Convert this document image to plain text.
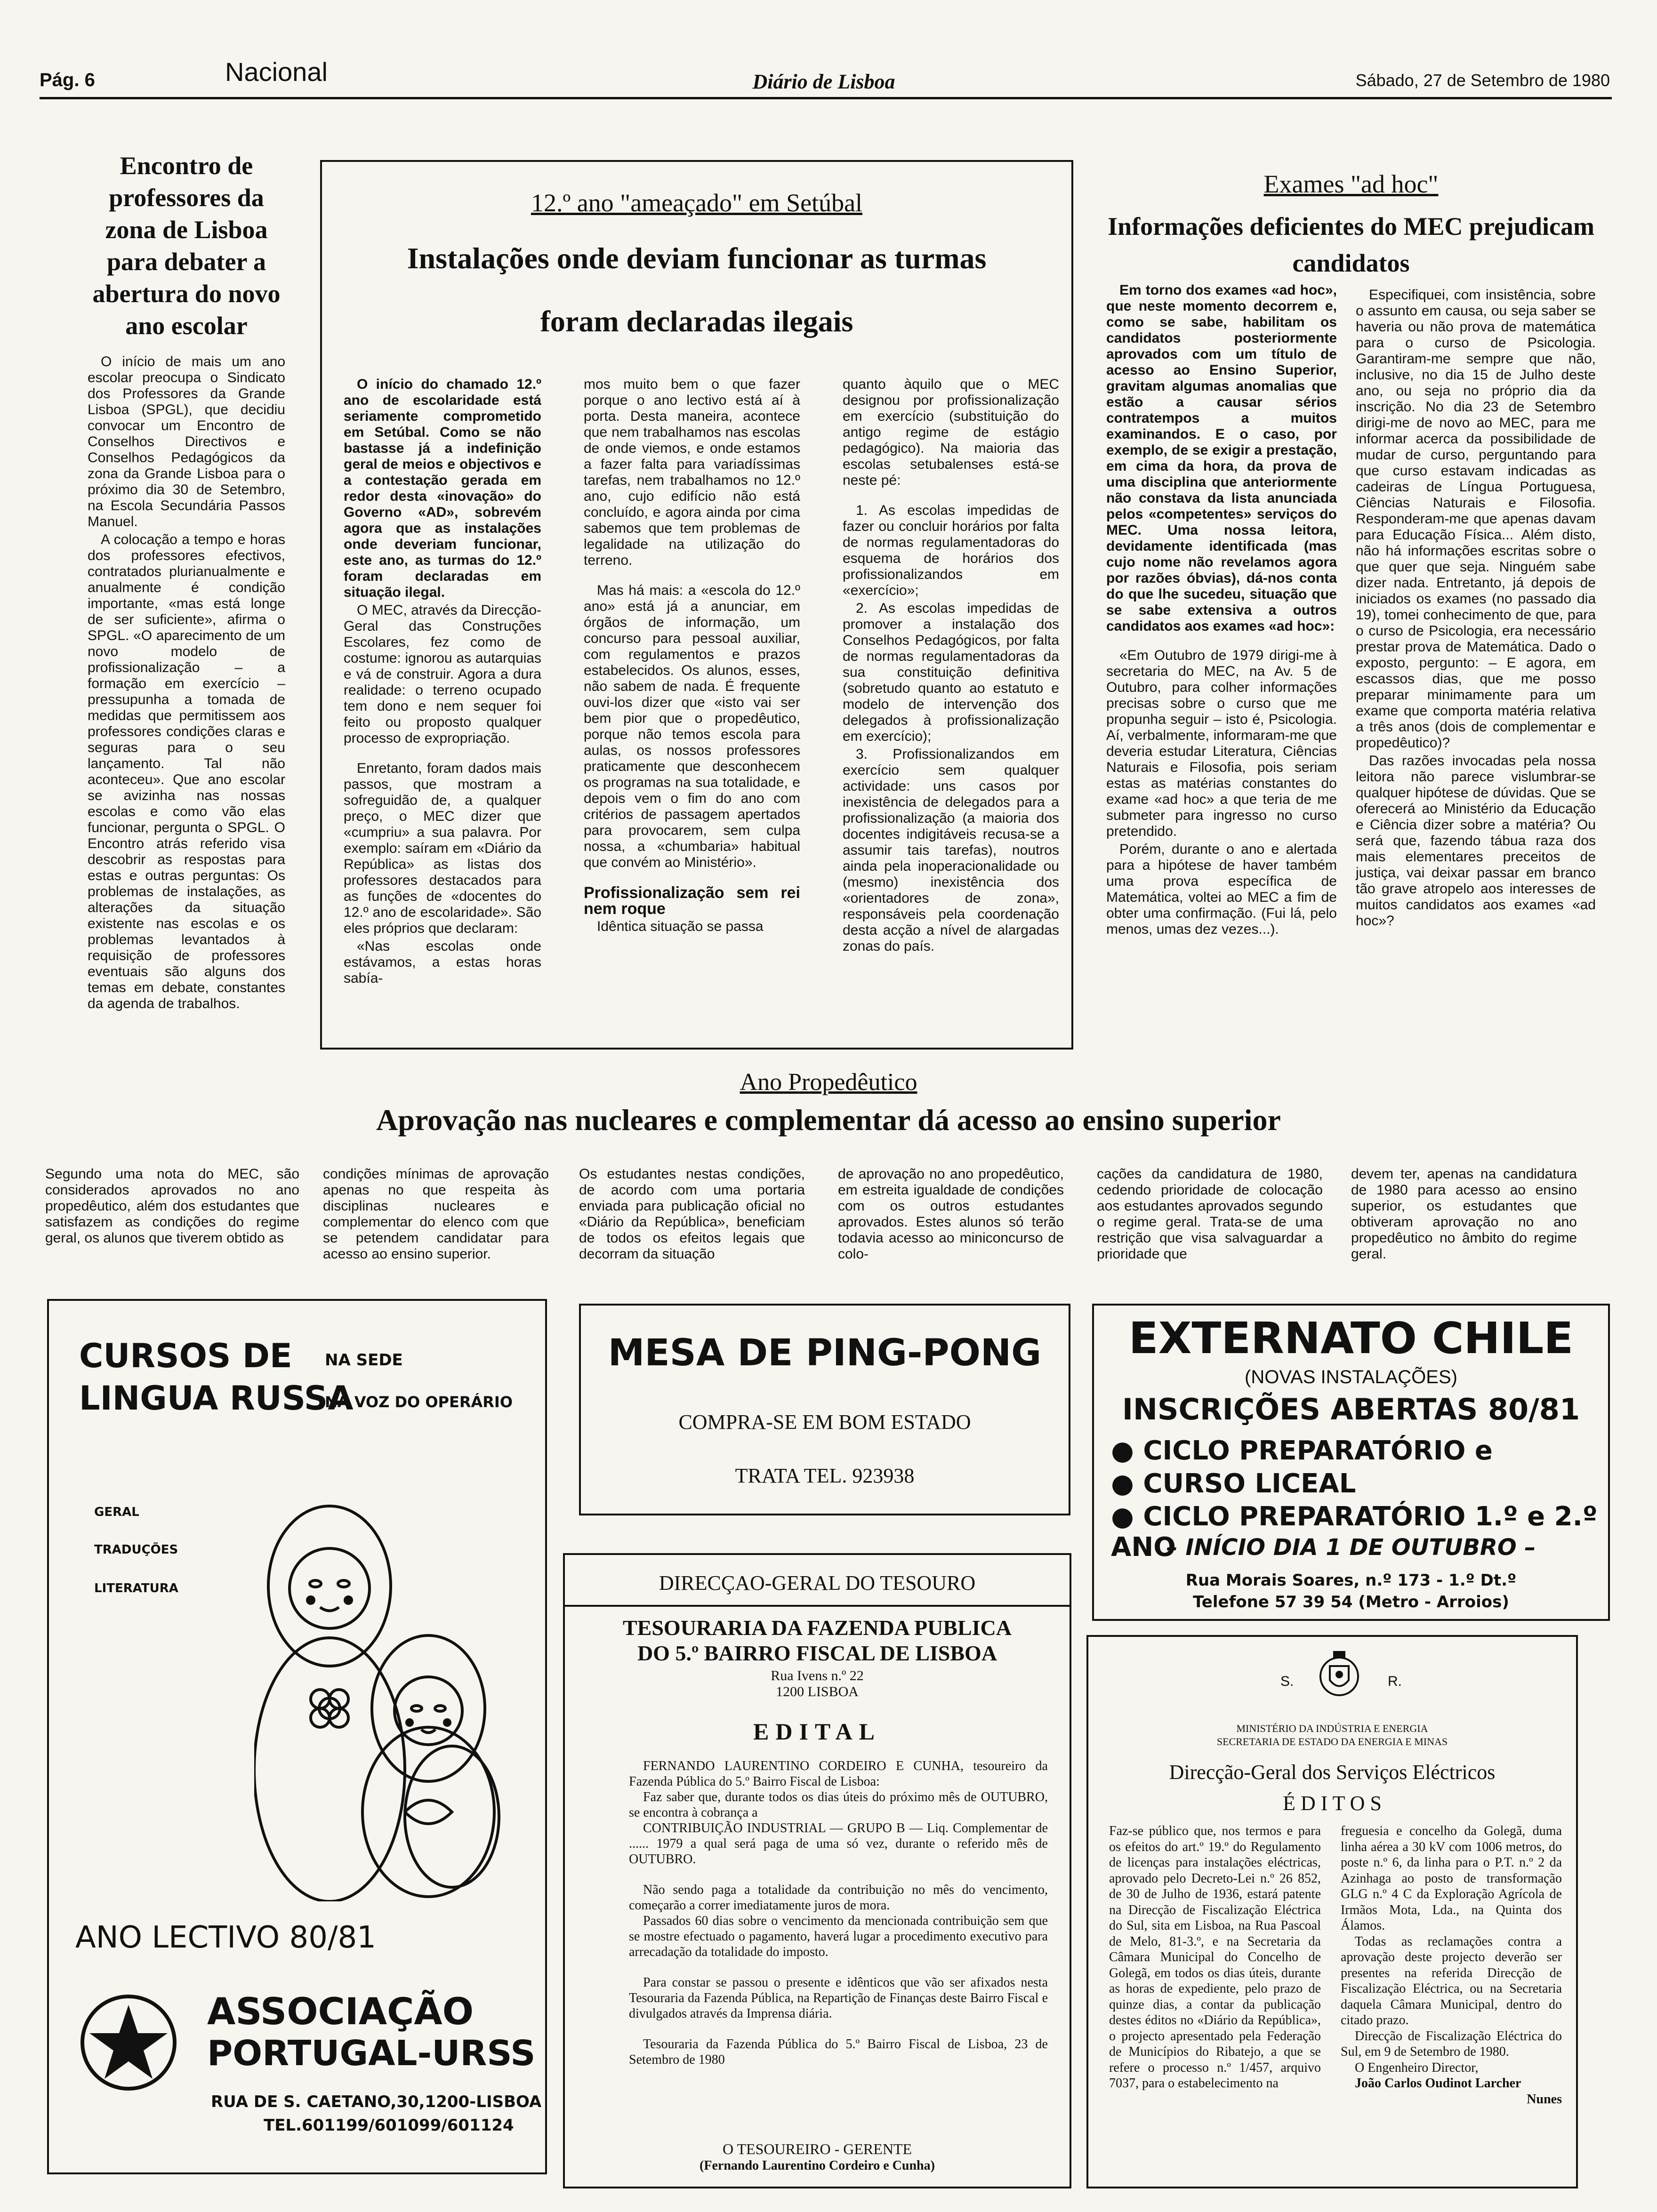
Pág. 6	Nacional	Diário de Lisboa	Sábado, 27 de Setembro de 1980
Encontro de professores da zona de Lisboa para debater a abertura do novo ano escolar

O início de mais um ano escolar preocupa o Sindicato dos Professores da Grande Lisboa (SPGL), que decidiu convocar um Encontro de Conselhos Directivos e Conselhos Pedagógicos da zona da Grande Lisboa para o próximo dia 30 de Setembro, na Escola Secundária Passos Manuel.

A colocação a tempo e horas dos professores efectivos, contratados plurianualmente e anualmente é condição importante, «mas está longe de ser suficiente», afirma o SPGL. «O aparecimento de um novo modelo de profissionalização – a formação em exercício – pressupunha a tomada de medidas que permitissem aos professores condições claras e seguras para o seu lançamento. Tal não aconteceu». Que ano escolar se avizinha nas nossas escolas e como vão elas funcionar, pergunta o SPGL. O Encontro atrás referido visa descobrir as respostas para estas e outras perguntas: Os problemas de instalações, as alterações da situação existente nas escolas e os problemas levantados à requisição de professores eventuais são alguns dos temas em debate, constantes da agenda de trabalhos.

12.º ano "ameaçado" em Setúbal
Instalações onde deviam funcionar as turmas
foram declaradas ilegais

O início do chamado 12.º ano de escolaridade está seriamente comprometido em Setúbal. Como se não bastasse já a indefinição geral de meios e objectivos e a contestação gerada em redor desta «inovação» do Governo «AD», sobrevém agora que as instalações onde deveriam funcionar, este ano, as turmas do 12.º foram declaradas em situação ilegal.

O MEC, através da Direcção-Geral das Construções Escolares, fez como de costume: ignorou as autarquias e vá de construir. Agora a dura realidade: o terreno ocupado tem dono e nem sequer foi feito ou proposto qualquer processo de expropriação.

Enretanto, foram dados mais passos, que mostram a sofreguidão de, a qualquer preço, o MEC dizer que «cumpriu» a sua palavra. Por exemplo: saíram em «Diário da República» as listas dos professores destacados para as funções de «docentes do 12.º ano de escolaridade». São eles próprios que declaram:

«Nas escolas onde estávamos, a estas horas sabía-

mos muito bem o que fazer porque o ano lectivo está aí à porta. Desta maneira, acontece que nem trabalhamos nas escolas de onde viemos, e onde estamos a fazer falta para variadíssimas tarefas, nem trabalhamos no 12.º ano, cujo edifício não está concluído, e agora ainda por cima sabemos que tem problemas de legalidade na utilização do terreno.

Mas há mais: a «escola do 12.º ano» está já a anunciar, em órgãos de informação, um concurso para pessoal auxiliar, com regulamentos e prazos estabelecidos. Os alunos, esses, não sabem de nada. É frequente ouvi-los dizer que «isto vai ser bem pior que o propedêutico, porque não temos escola para aulas, os nossos professores praticamente que desconhecem os programas na sua totalidade, e depois vem o fim do ano com critérios de passagem apertados para provocarem, sem culpa nossa, a «chumbaria» habitual que convém ao Ministério».

Profissionalização sem rei nem roque

Idêntica situação se passa

quanto àquilo que o MEC designou por profissionalização em exercício (substituição do antigo regime de estágio pedagógico). Na maioria das escolas setubalenses está-se neste pé:

1. As escolas impedidas de fazer ou concluir horários por falta de normas regulamentadoras do esquema de horários dos profissionalizandos em «exercício»;

2. As escolas impedidas de promover a instalação dos Conselhos Pedagógicos, por falta de normas regulamentadoras da sua constituição definitiva (sobretudo quanto ao estatuto e modelo de intervenção dos delegados à profissionalização em exercício);

3. Profissionalizandos em exercício sem qualquer actividade: uns casos por inexistência de delegados para a profissionalização (a maioria dos docentes indigitáveis recusa-se a assumir tais tarefas), noutros ainda pela inoperacionalidade ou (mesmo) inexistência dos «orientadores de zona», responsáveis pela coordenação desta acção a nível de alargadas zonas do país.

Exames "ad hoc"
Informações deficientes do MEC prejudicam candidatos

Em torno dos exames «ad hoc», que neste momento decorrem e, como se sabe, habilitam os candidatos posteriormente aprovados com um título de acesso ao Ensino Superior, gravitam algumas anomalias que estão a causar sérios contratempos a muitos examinandos. E o caso, por exemplo, de se exigir a prestação, em cima da hora, da prova de uma disciplina que anteriormente não constava da lista anunciada pelos «competentes» serviços do MEC. Uma nossa leitora, devidamente identificada (mas cujo nome não revelamos agora por razões óbvias), dá-nos conta do que lhe sucedeu, situação que se sabe extensiva a outros candidatos aos exames «ad hoc»:

«Em Outubro de 1979 dirigi-me à secretaria do MEC, na Av. 5 de Outubro, para colher informações precisas sobre o curso que me propunha seguir – isto é, Psicologia. Aí, verbalmente, informaram-me que deveria estudar Literatura, Ciências Naturais e Filosofia, pois seriam estas as matérias constantes do exame «ad hoc» a que teria de me submeter para ingresso no curso pretendido.

Porém, durante o ano e alertada para a hipótese de haver também uma prova específica de Matemática, voltei ao MEC a fim de obter uma confirmação. (Fui lá, pelo menos, umas dez vezes...).

Especifiquei, com insistência, sobre o assunto em causa, ou seja saber se haveria ou não prova de matemática para o curso de Psicologia. Garantiram-me sempre que não, inclusive, no dia 15 de Julho deste ano, ou seja no próprio dia da inscrição. No dia 23 de Setembro dirigi-me de novo ao MEC, para me informar acerca da possibilidade de mudar de curso, perguntando para que curso estavam indicadas as cadeiras de Língua Portuguesa, Ciências Naturais e Filosofia. Responderam-me que apenas davam para Educação Física... Além disto, não há informações escritas sobre o que quer que seja. Ninguém sabe dizer nada. Entretanto, já depois de iniciados os exames (no passado dia 19), tomei conhecimento de que, para o curso de Psicologia, era necessário prestar prova de Matemática. Dado o exposto, pergunto: – E agora, em escassos dias, que me posso preparar minimamente para um exame que comporta matéria relativa a três anos (dois de complementar e propedêutico)?

Das razões invocadas pela nossa leitora não parece vislumbrar-se qualquer hipótese de dúvidas. Que se oferecerá ao Ministério da Educação e Ciência dizer sobre a matéria? Ou será que, fazendo tábua raza dos mais elementares preceitos de justiça, vai deixar passar em branco tão grave atropelo aos interesses de muitos candidatos aos exames «ad hoc»?

Ano Propedêutico
Aprovação nas nucleares e complementar dá acesso ao ensino superior
Segundo uma nota do MEC, são considerados aprovados no ano propedêutico, além dos estudantes que satisfazem as condições do regime geral, os alunos que tiverem obtido as
condições mínimas de aprovação apenas no que respeita às disciplinas nucleares e complementar do elenco com que se petendem candidatar para acesso ao ensino superior.
Os estudantes nestas condições, de acordo com uma portaria enviada para publicação oficial no «Diário da República», beneficiam de todos os efeitos legais que decorram da situação
de aprovação no ano propedêutico, em estreita igualdade de condições com os outros estudantes aprovados. Estes alunos só terão todavia acesso ao miniconcurso de colo-
cações da candidatura de 1980, cedendo prioridade de colocação aos estudantes aprovados segundo o regime geral. Trata-se de uma restrição que visa salvaguardar a prioridade que
devem ter, apenas na candidatura de 1980 para acesso ao ensino superior, os estudantes que obtiveram aprovação no ano propedêutico no âmbito do regime geral.
CURSOS DE NA SEDE
LINGUA RUSSA
NA VOZ DO OPERÁRIO
GERAL
TRADUÇÕES
LITERATURA
ANO LECTIVO 80/81
ASSOCIAÇÃO
PORTUGAL-URSS
RUA DE S. CAETANO,30,1200-LISBOA
TEL.601199/601099/601124
MESA DE PING-PONG
COMPRA-SE EM BOM ESTADO
TRATA TEL. 923938
EXTERNATO CHILE
(NOVAS INSTALAÇÕES)
INSCRIÇÕES ABERTAS 80/81
● CICLO PREPARATÓRIO e
● CURSO LICEAL
● CICLO PREPARATÓRIO 1.º e 2.º ANO
– INÍCIO DIA 1 DE OUTUBRO –
Rua Morais Soares, n.º 173 - 1.º Dt.º
Telefone 57 39 54 (Metro - Arroios)
DIRECÇAO-GERAL DO TESOURO
TESOURARIA DA FAZENDA PUBLICA
DO 5.º BAIRRO FISCAL DE LISBOA
Rua Ivens n.º 22
1200 LISBOA
EDITAL

FERNANDO LAURENTINO CORDEIRO E CUNHA, tesoureiro da Fazenda Pública do 5.º Bairro Fiscal de Lisboa:

Faz saber que, durante todos os dias úteis do próximo mês de OUTUBRO, se encontra à cobrança a

CONTRIBUIÇÃO INDUSTRIAL — GRUPO B — Liq. Complementar de ...... 1979 a qual será paga de uma só vez, durante o referido mês de OUTUBRO.

Não sendo paga a totalidade da contribuição no mês do vencimento, começarão a correr imediatamente juros de mora.

Passados 60 dias sobre o vencimento da mencionada contribuição sem que se mostre efectuado o pagamento, haverá lugar a procedimento executivo para arrecadação da totalidade do imposto.

Para constar se passou o presente e idênticos que vão ser afixados nesta Tesouraria da Fazenda Pública, na Repartição de Finanças deste Bairro Fiscal e divulgados através da Imprensa diária.

Tesouraria da Fazenda Pública do 5.º Bairro Fiscal de Lisboa, 23 de Setembro de 1980

O TESOUREIRO - GERENTE
(Fernando Laurentino Cordeiro e Cunha)
S.	R.
MINISTÉRIO DA INDÚSTRIA E ENERGIA
SECRETARIA DE ESTADO DA ENERGIA E MINAS
Direcção-Geral dos Serviços Eléctricos
É D I T O S
Faz-se público que, nos termos e para os efeitos do art.º 19.º do Regulamento de licenças para instalações eléctricas, aprovado pelo Decreto-Lei n.º 26 852, de 30 de Julho de 1936, estará patente na Direcção de Fiscalização Eléctrica do Sul, sita em Lisboa, na Rua Pascoal de Melo, 81-3.º, e na Secretaria da Câmara Municipal do Concelho de Golegã, em todos os dias úteis, durante as horas de expediente, pelo prazo de quinze dias, a contar da publicação destes éditos no «Diário da República», o projecto apresentado pela Federação de Municípios do Ribatejo, a que se refere o processo n.º 1/457, arquivo 7037, para o estabelecimento na

freguesia e concelho da Golegã, duma linha aérea a 30 kV com 1006 metros, do poste n.º 6, da linha para o P.T. n.º 2 da Azinhaga ao posto de transformação GLG n.º 4 C da Exploração Agrícola de Irmãos Mota, Lda., na Quinta dos Álamos.

Todas as reclamações contra a aprovação deste projecto deverão ser presentes na referida Direcção de Fiscalização Eléctrica, ou na Secretaria daquela Câmara Municipal, dentro do citado prazo.

Direcção de Fiscalização Eléctrica do Sul, em 9 de Setembro de 1980.

O Engenheiro Director,

João Carlos Oudinot Larcher

Nunes
